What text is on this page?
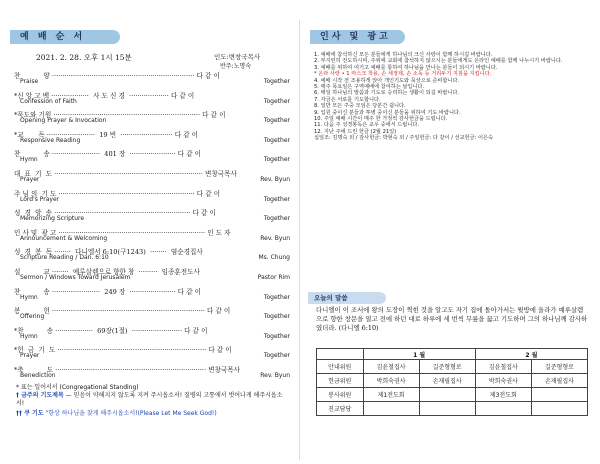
예 배 순 서
2021. 2. 28. 오후 1시 15분	인도:변창국목사
반주:노명숙
찬           양 ···································································· 다 같 이
Praise	Together
*신 앙 고 백 ··················  사 도 신 경  ··················· 다 같 이
Confession of Faith	Together
*묵도와 기원 ······································································ 다 같 이
Opening Prayer & Invocation	Together
*교       독 ·······················  19 번  ························· 다 같 이
Responsive Reading	Together
찬           송 ·······················  401 장  ······················ 다 같 이
Hymn	Together
대  표  기  도 ······································································· 변창국목사
Prayer	Rev. Byun
주 님 의  기 도 ································································· 다 같 이
Lord's Prayer	Together
성  경  암  송 ································································· 다 같 이
Memorizing Scripture	Together
인 사 및  광 고 ······································································ 인 도 자
Announcement & Welcoming	Rev. Byun
성  경  봉  독 ········  다니엘서 6:10(구1243)  ········  염순경집사
Scripture Reading / Dan. 6:10	Ms. Chung
설           교 ········  예루살렘으로 향한 창  ·········  임종훈전도사
Sermon / Windows Toward Jerusalem	Pastor Rim
찬           송 ·······················  249 장  ······················ 다 같 이
Hymn	Together
봉           헌 ········································································· 다 같 이
Offering	Together
*찬           송 ··················  69장(1절)  ························ 다 같 이
Hymn	Together
*헌  금  기  도 ······································································· 다 같 이
Prayer	Together
*축           도 ········································································ 변창국목사
Benediction	Rev. Byun
* 표는 일어서서 (Congregational Standing)
† 금주의 기도제목 — 믿음이 약해지지 않도록 지켜 주시옵소서! 질병의 고통에서 벗어나게 해주시옵소서!
†† 쿠 기도 "항상 하나님을 찾게 해주시옵소서!(Please Let Me Seek God!)
인사 및 광고

1. 예배에 참석하신 모든 분들에게 하나님의 크신 사랑이 함께 하시길 바랍니다.

2. 부지런히 전도하시며, 주위에 교회에 참석하지 않으시는 분들에게도 온라인 예배를 함께 나누시기 바랍니다.

3. 예배를 위하여 여기고 예배를 통하여 하나님을 만나는 분들이 되시기 바랍니다.

* 온라 사랑 • 1 마스크 착용, 손 세정제, 손 소독 등 거리두기 지침을 지킵니다.

4. 예배 시작 전 조용하게 앉아 개인기도와 묵상으로 준비합니다.

5. 매주 목요일은 구역예배에 참여하는 날입니다.

6. 매일 하나님의 말씀과 기도로 승리하는 생활이 되길 바랍니다.

7. 자금은 서로를 기도합니다.

8. 일반 모든 주중 모임은 당분간 쉽니다.

9. 입원 중이신 분들과 투병 중이신 분들을 위하여 기도 바랍니다.

10. 주일 예배 시간이 매주 한 가정씩 감사헌금을 드립니다.

11. 다음 주 성경봉독은 교우 중에서 드립니다.

12. 지난 주에 드린 헌금 (2월 21일)

십일조: 김명숙 외 / 감사헌금: 박현숙 외 / 주일헌금: 다 같이 / 선교헌금: 이은숙

오늘의 말씀
다니엘이 이 조서에 왕의 도장이 찍힌 것을 알고도 자기 집에 돌아가서는 윗방에 올라가 예루살렘으로 향한 창문을 열고 전에 하던 대로 하루에 세 번씩 무릎을 꿇고 기도하며 그의 하나님께 감사하였더라. (다니엘 6:10)
	1 월		2 월	
안내위원	김윤철집사	길준형형로	김윤철집사	길준형형로
헌금위원	박희숙권사	손재필집사	박희숙권사	손재필집사
봉사위원	제1전도회		제3전도회	
친교담당				
